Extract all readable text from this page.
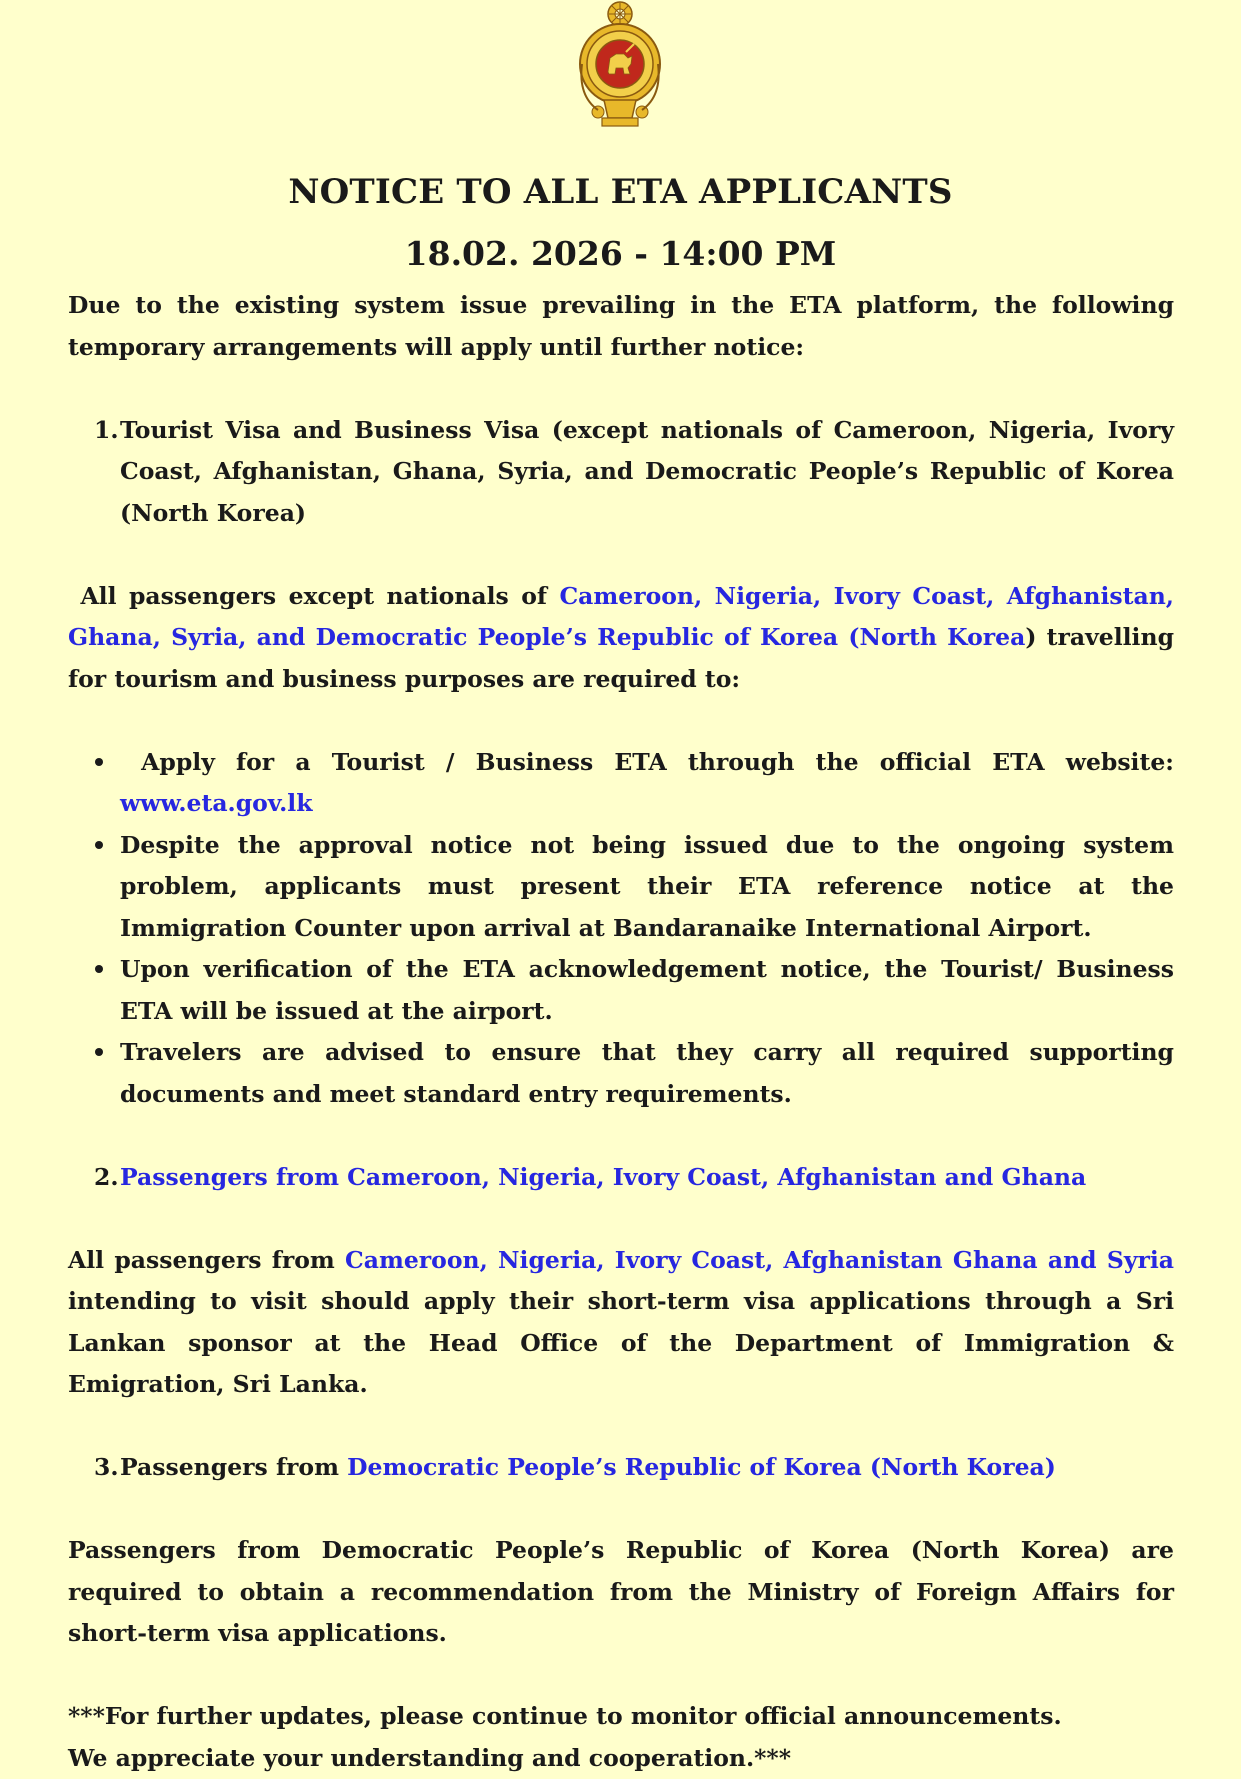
NOTICE TO ALL ETA APPLICANTS
18.02. 2026 - 14:00 PM

Due to the existing system issue prevailing in the ETA platform, the following temporary arrangements will apply until further notice:

1. Tourist Visa and Business Visa (except nationals of Cameroon, Nigeria, Ivory Coast, Afghanistan, Ghana, Syria, and Democratic People’s Republic of Korea (North Korea)

All passengers except nationals of Cameroon, Nigeria, Ivory Coast, Afghanistan, Ghana, Syria, and Democratic People’s Republic of Korea (North Korea) travelling for tourism and business purposes are required to:

Apply for a Tourist / Business ETA through the official ETA website: www.eta.gov.lk
Despite the approval notice not being issued due to the ongoing system problem, applicants must present their ETA reference notice at the Immigration Counter upon arrival at Bandaranaike International Airport.
Upon verification of the ETA acknowledgement notice, the Tourist/ Business ETA will be issued at the airport.
Travelers are advised to ensure that they carry all required supporting documents and meet standard entry requirements.
2. Passengers from Cameroon, Nigeria, Ivory Coast, Afghanistan and Ghana

All passengers from Cameroon, Nigeria, Ivory Coast, Afghanistan Ghana and Syria intending to visit should apply their short-term visa applications through a Sri Lankan sponsor at the Head Office of the Department of Immigration & Emigration, Sri Lanka.

3. Passengers from Democratic People’s Republic of Korea (North Korea)

Passengers from Democratic People’s Republic of Korea (North Korea) are required to obtain a recommendation from the Ministry of Foreign Affairs for short-term visa applications.

***For further updates, please continue to monitor official announcements.

We appreciate your understanding and cooperation.***
